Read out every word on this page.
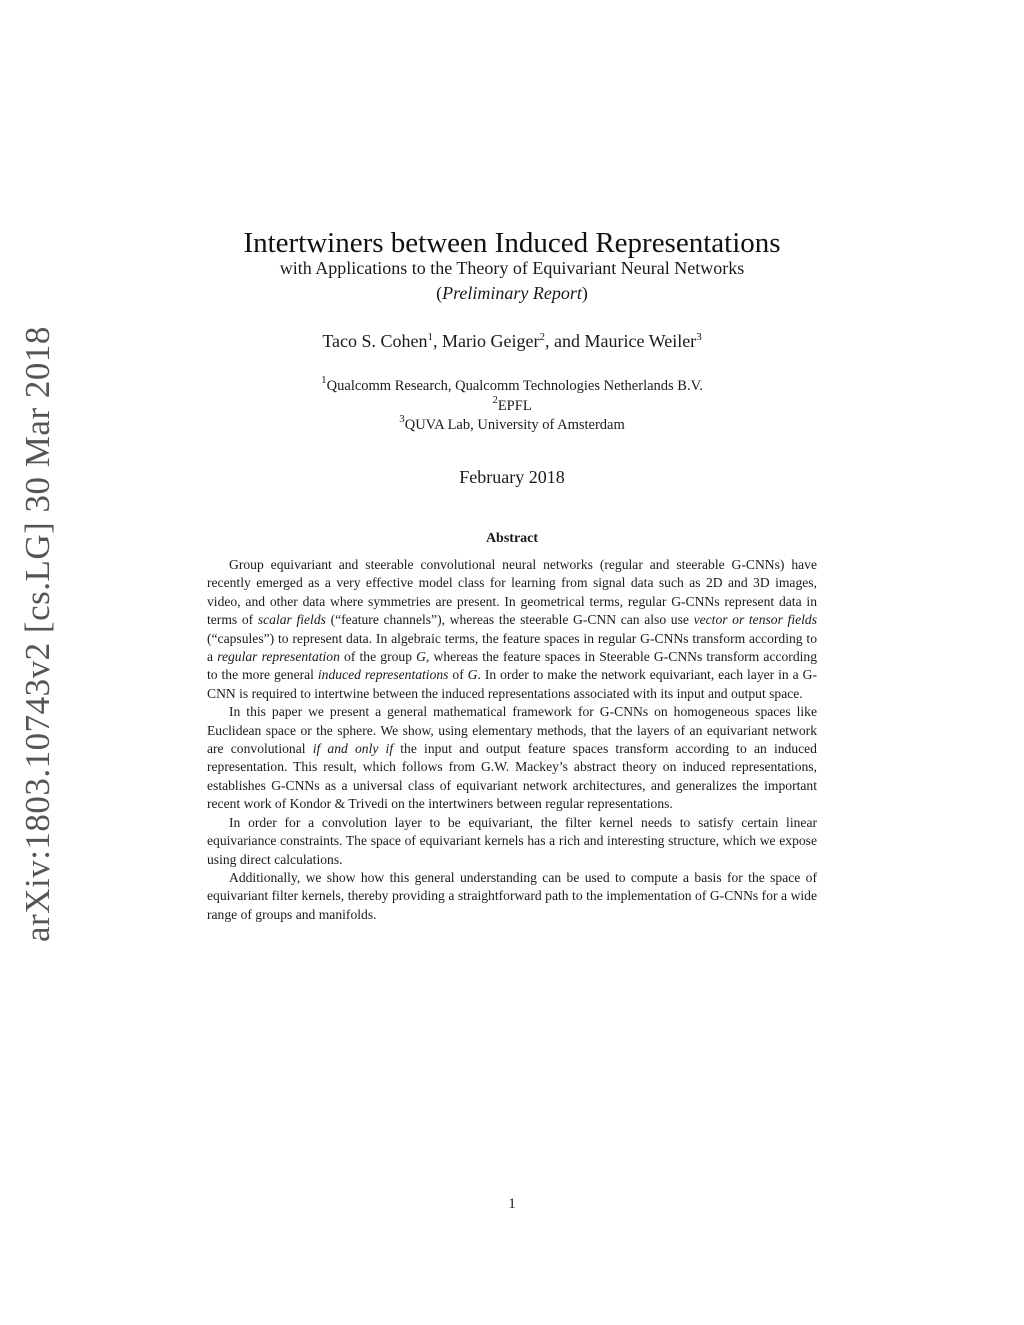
arXiv:1803.10743v2 [cs.LG] 30 Mar 2018
Intertwiners between Induced Representations
with Applications to the Theory of Equivariant Neural Networks
(Preliminary Report)
Taco S. Cohen$^1$, Mario Geiger$^2$, and Maurice Weiler$^3$
$^1$Qualcomm Research, Qualcomm Technologies Netherlands B.V.
$^2$EPFL
$^3$QUVA Lab, University of Amsterdam
February 2018
Abstract

Group equivariant and steerable convolutional neural networks (regular and steerable G-CNNs) have recently emerged as a very effective model class for learning from signal data such as 2D and 3D images, video, and other data where symmetries are present. In geometrical terms, regular G-CNNs represent data in terms of scalar fields (“feature channels”), whereas the steerable G-CNN can also use vector or tensor fields (“capsules”) to represent data. In algebraic terms, the feature spaces in regular G-CNNs transform according to a regular representation of the group G, whereas the feature spaces in Steerable G-CNNs transform according to the more general induced representations of G. In order to make the network equivariant, each layer in a G-CNN is required to intertwine between the induced representations associated with its input and output space.

In this paper we present a general mathematical framework for G-CNNs on homogeneous spaces like Euclidean space or the sphere. We show, using elementary methods, that the layers of an equivariant network are convolutional if and only if the input and output feature spaces transform according to an induced representation. This result, which follows from G.W. Mackey’s abstract theory on induced representations, establishes G-CNNs as a universal class of equivariant network architectures, and generalizes the important recent work of Kondor & Trivedi on the intertwiners between regular representations.

In order for a convolution layer to be equivariant, the filter kernel needs to satisfy certain linear equivariance constraints. The space of equivariant kernels has a rich and interesting structure, which we expose using direct calculations.

Additionally, we show how this general understanding can be used to compute a basis for the space of equivariant filter kernels, thereby providing a straightforward path to the implementation of G-CNNs for a wide range of groups and manifolds.

1
